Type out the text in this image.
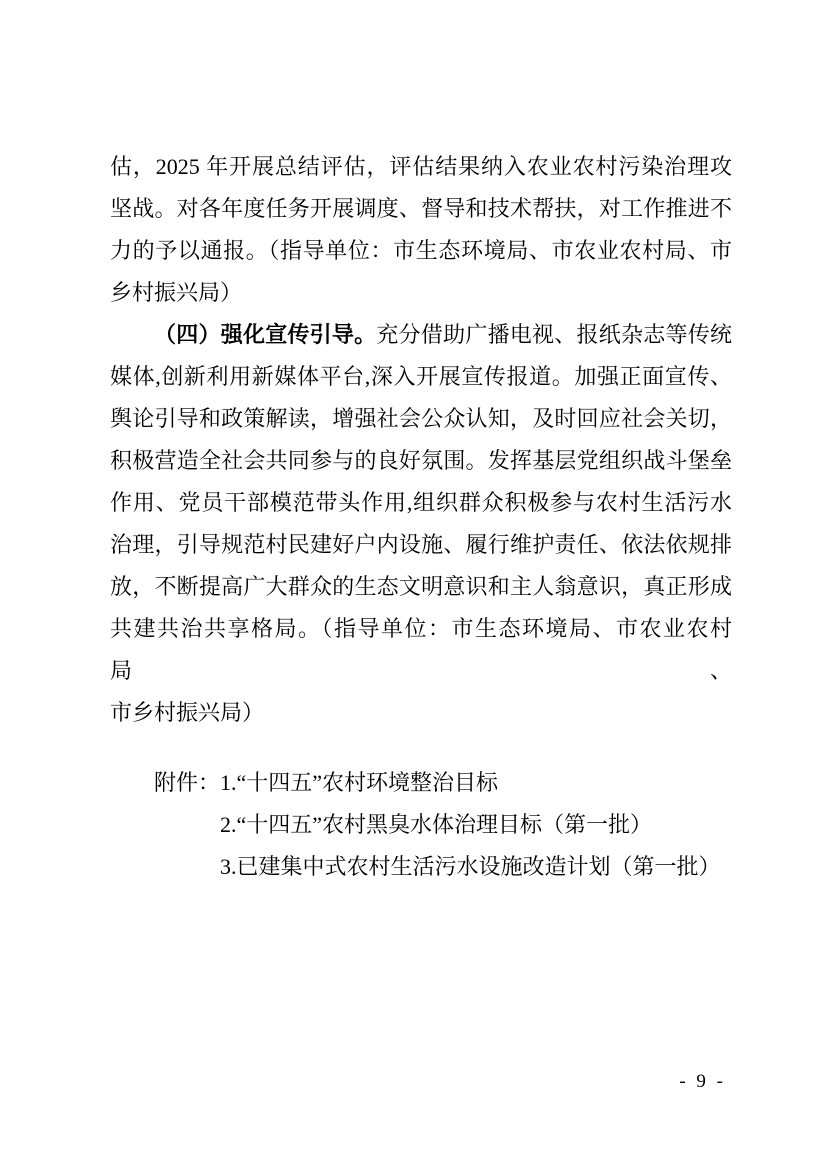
估，2025 年开展总结评估，评估结果纳入农业农村污染治理攻
坚战。对各年度任务开展调度、督导和技术帮扶，对工作推进不
力的予以通报。（指导单位：市生态环境局、市农业农村局、市
乡村振兴局）

（四）强化宣传引导。充分借助广播电视、报纸杂志等传统
媒体,创新利用新媒体平台,深入开展宣传报道。加强正面宣传、
舆论引导和政策解读，增强社会公众认知，及时回应社会关切，
积极营造全社会共同参与的良好氛围。发挥基层党组织战斗堡垒
作用、党员干部模范带头作用,组织群众积极参与农村生活污水
治理，引导规范村民建好户内设施、履行维护责任、依法依规排
放，不断提高广大群众的生态文明意识和主人翁意识，真正形成
共建共治共享格局。（指导单位：市生态环境局、市农业农村局、
市乡村振兴局）

附件：1.“十四五”农村环境整治目标
2.“十四五”农村黑臭水体治理目标（第一批）
3.已建集中式农村生活污水设施改造计划（第一批）
- 9 -
